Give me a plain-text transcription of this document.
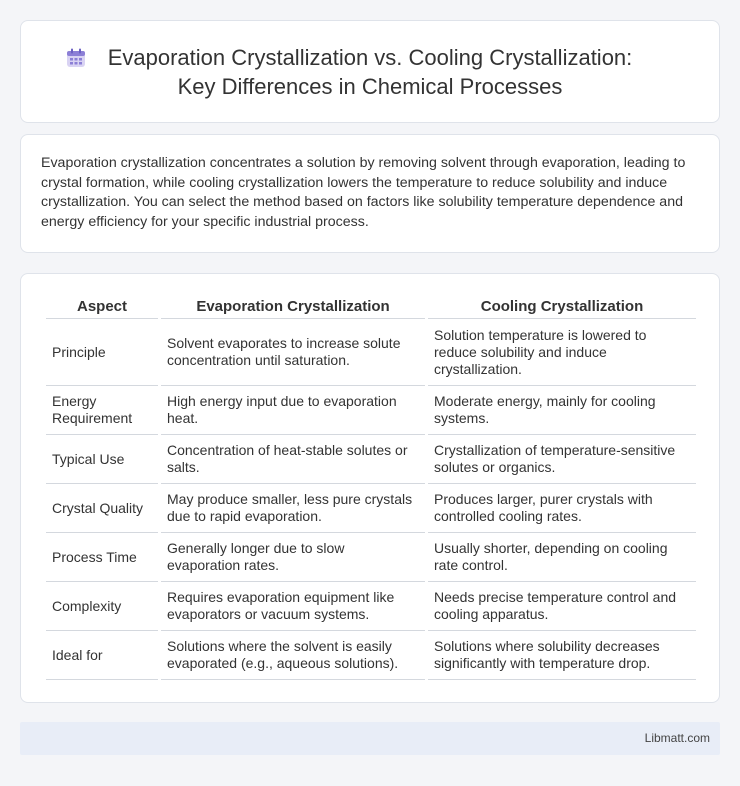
Evaporation Crystallization vs. Cooling Crystallization:
Key Differences in Chemical Processes

Evaporation crystallization concentrates a solution by removing solvent through evaporation, leading to crystal formation, while cooling crystallization lowers the temperature to reduce solubility and induce crystallization. You can select the method based on factors like solubility temperature dependence and energy efficiency for your specific industrial process.

Aspect	Evaporation Crystallization	Cooling Crystallization
Principle	Solvent evaporates to increase solute concentration until saturation.	Solution temperature is lowered to reduce solubility and induce crystallization.
Energy Requirement	High energy input due to evaporation heat.	Moderate energy, mainly for cooling systems.
Typical Use	Concentration of heat-stable solutes or salts.	Crystallization of temperature-sensitive solutes or organics.
Crystal Quality	May produce smaller, less pure crystals due to rapid evaporation.	Produces larger, purer crystals with controlled cooling rates.
Process Time	Generally longer due to slow evaporation rates.	Usually shorter, depending on cooling rate control.
Complexity	Requires evaporation equipment like evaporators or vacuum systems.	Needs precise temperature control and cooling apparatus.
Ideal for	Solutions where the solvent is easily evaporated (e.g., aqueous solutions).	Solutions where solubility decreases significantly with temperature drop.
Libmatt.com
